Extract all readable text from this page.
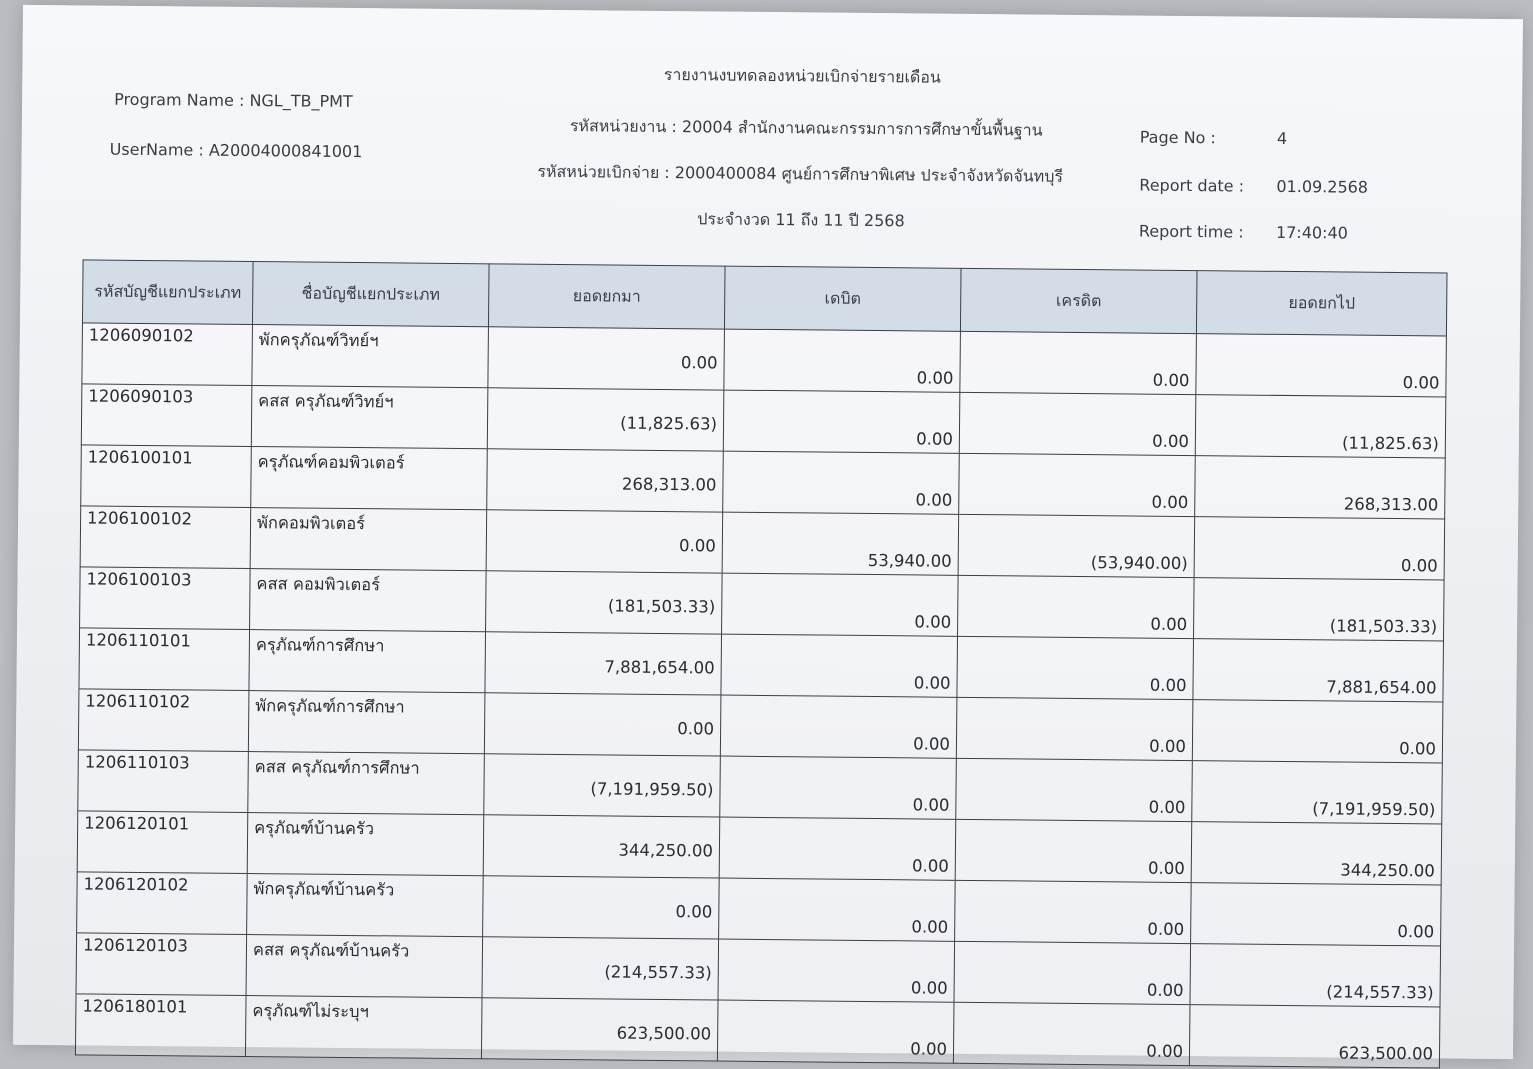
รายงานงบทดลองหน่วยเบิกจ่ายรายเดือน
Program Name : NGL_TB_PMT
UserName : A20004000841001
รหัสหน่วยงาน : 20004 สำนักงานคณะกรรมการการศึกษาขั้นพื้นฐาน
รหัสหน่วยเบิกจ่าย : 2000400084 ศูนย์การศึกษาพิเศษ ประจำจังหวัดจันทบุรี
ประจำงวด 11 ถึง 11 ปี 2568
Page No :	4
Report date : 01.09.2568
Report time : 17:40:40
รหัสบัญชีแยกประเภท	ชื่อบัญชีแยกประเภท	ยอดยกมา	เดบิต	เครดิต	ยอดยกไป
1206090102	พักครุภัณฑ์วิทย์ฯ	0.00	0.00	0.00	0.00
1206090103	คสส ครุภัณฑ์วิทย์ฯ	(11,825.63)	0.00	0.00	(11,825.63)
1206100101	ครุภัณฑ์คอมพิวเตอร์	268,313.00	0.00	0.00	268,313.00
1206100102	พักคอมพิวเตอร์	0.00	53,940.00	(53,940.00)	0.00
1206100103	คสส คอมพิวเตอร์	(181,503.33)	0.00	0.00	(181,503.33)
1206110101	ครุภัณฑ์การศึกษา	7,881,654.00	0.00	0.00	7,881,654.00
1206110102	พักครุภัณฑ์การศึกษา	0.00	0.00	0.00	0.00
1206110103	คสส ครุภัณฑ์การศึกษา	(7,191,959.50)	0.00	0.00	(7,191,959.50)
1206120101	ครุภัณฑ์บ้านครัว	344,250.00	0.00	0.00	344,250.00
1206120102	พักครุภัณฑ์บ้านครัว	0.00	0.00	0.00	0.00
1206120103	คสส ครุภัณฑ์บ้านครัว	(214,557.33)	0.00	0.00	(214,557.33)
1206180101	ครุภัณฑ์ไม่ระบุฯ	623,500.00	0.00	0.00	623,500.00
